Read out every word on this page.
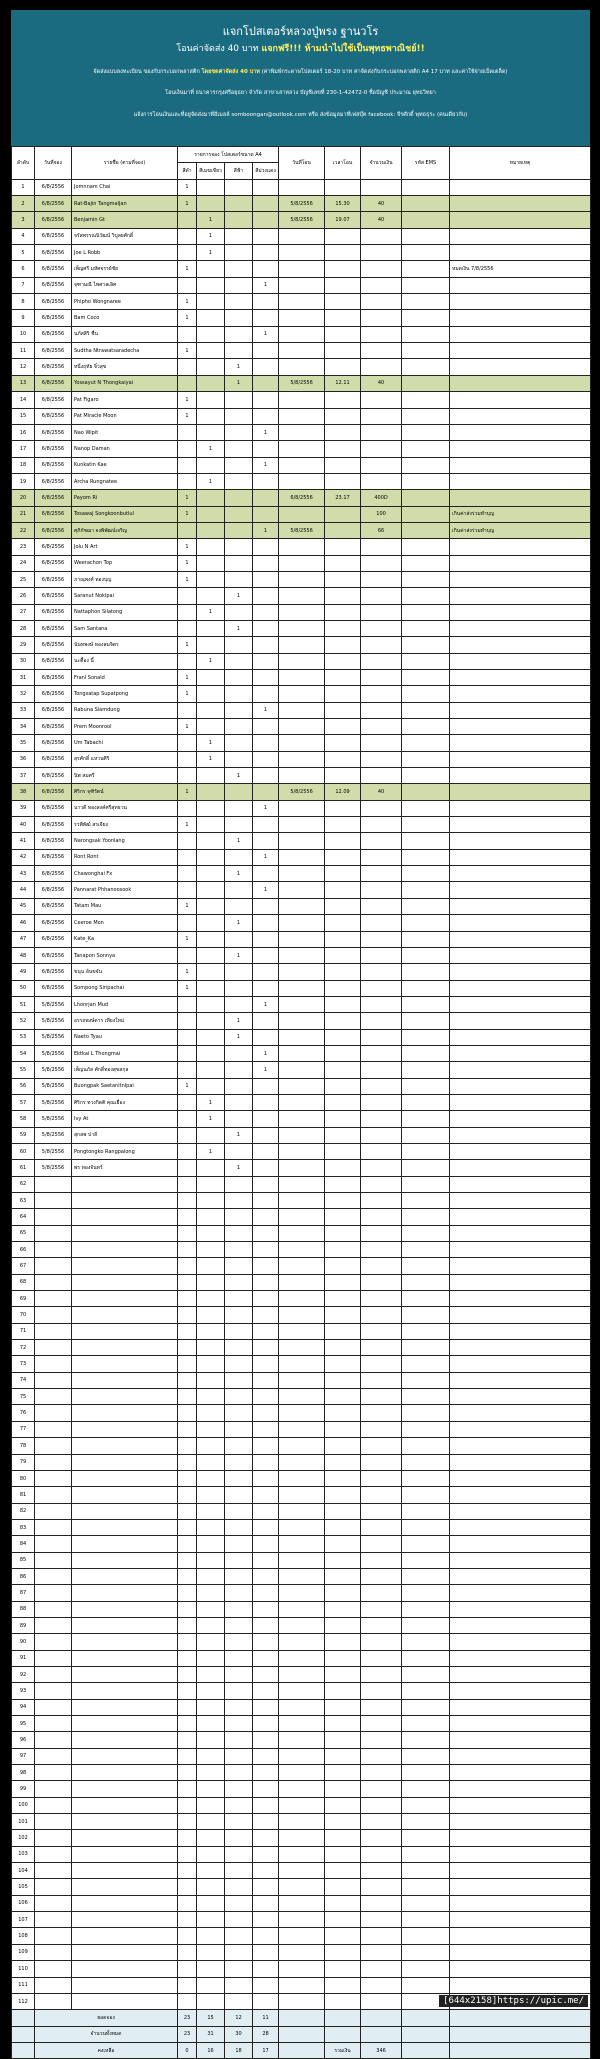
แจกโปสเตอร์หลวงปู่พรง ฐานวโร
โอนค่าจัดส่ง 40 บาท แจกฟรี!!! ห้ามนำไปใช้เป็นพุทธพาณิชย์!!
จัดส่งแบบลงทะเบียน ของกับกระบอกพลาสติก โดยชดค่าจัดส่ง 40 บาท (ค่าพิมพ์กระดาษโปสเตอร์ 18-20 บาท ค่าจัดส่งกับกระบอกพลาสติก A4 17 บาท และค่าใช้จ่ายเบ็ดเตล็ด)
โอนเงินมาที่ ธนาคารกรุงศรีอยุธยา จำกัด สาขาเสาหลวง บัญชีเลขที่ 230-1-42472-0 ชื่อบัญชี ประมาณ ยุทธวิทยา
แจ้งการโอนเงินและที่อยู่จัดส่งมาที่อีเมลล์ somboongan@outlook.com หรือ ส่งข้อมูลมาที่เฟสบุ๊ค facebook: จีรศักดิ์ พุทธธุระ (คนเดียวกับ)
ลำดับ	วันที่จอง	รายชื่อ (ตามที่จอง)	รายการจอง โปสเตอร์ขนาด A4				วันที่โอน	เวลาโอน	จำนวนเงิน	รหัส EMS	หมายเหตุ
			สีดำ	สีเมฆเขียว	สีฟ้า	สีม่วงแดง					
1	6/8/2556	Jomnnam Chai	1								
2	6/8/2556	Rat-Bajin Tangmaljan	1				5/8/2556	15.30	40		
3	6/8/2556	Benjamin Gt		1			5/8/2556	19.07	40		
4	6/8/2556	จรัสพรรณนิวัฒน์ วิบูลยศักดิ์		1							
5	6/8/2556	Joe L Robb		1							
6	6/8/2556	เพ็ญศรี มหัศจรรย์ชัย	1								หมดเงิน 7/8/2556
7	6/8/2556	จุฑามณี ไพศาลเลิศ				1					
8	6/8/2556	Phipho Wongnaree	1								
9	6/8/2556	Bam Coco	1								
10	6/8/2556	นภัสสิริ ชื่น				1					
11	6/8/2556	Sudtha Ntrawatsaradecha	1								
12	6/8/2556	หนึ่งฤทัย จิ๋วสุข			1						
13	6/8/2556	Yossayut N Thongkaiyai			1		5/8/2556	12.11	40		
14	6/8/2556	Pat Figaro	1								
15	6/8/2556	Pat Miracle Moon	1								
16	6/8/2556	Nao Wipit				1					
17	6/8/2556	Nanop Daman		1							
18	6/8/2556	Kunkatin Kae				1					
19	6/8/2556	Archa Rungnatee		1							
20	6/8/2556	Payom Ri	1				6/8/2556	23.17	400D		
21	6/8/2556	Tosawaj Songkoonbutlul	1						100		เกินค่าส่งร่วมทำบุญ
22	6/8/2556	ศุภิกัชฌา จงพิพัฒน์เจริญ				1	5/8/2556		66		เกินค่าส่งร่วมทำบุญ
23	6/8/2556	Jolu N Art	1								
24	6/8/2556	Weerachon Top	1								
25	6/8/2556	ภาณุพงศ์ ทองบุญ	1								
26	6/8/2556	Saranut Noklpai			1						
27	6/8/2556	Nattaphon Silatong		1							
28	6/8/2556	Sam Santana			1						
29	6/8/2556	นันทพงษ์ ทองสมจิตร	1								
30	6/8/2556	นะตื้อง นี้		1							
31	6/8/2556	Franl Sonald	1								
32	6/8/2556	Tongsatap Supatpong	1								
33	6/8/2556	Rabuna Slamdung				1					
34	6/8/2556	Prem Moonrool	1								
35	6/8/2556	Um Tabachi		1							
36	6/8/2556	สุรศักดิ์ แหวนศิริ		1							
37	6/8/2556	นิพ สมศรี			1						
38	6/8/2556	ศิริกร จุฑิรัตน์	1				5/8/2556	12.09	40		
39	6/8/2556	นาวดี ทองสงค์ศรีสุทธวน				1					
40	6/8/2556	รวพีพัฒ์ สรเจียง	1								
41	6/8/2556	Narongsak Yoonlang			1						
42	6/8/2556	Ront Ront				1					
43	6/8/2556	Chawonghai Fx			1						
44	6/8/2556	Pannarat Phhanoosook				1					
45	6/8/2556	Tatam Mau	1								
46	6/8/2556	Ceeroe Mon			1						
47	6/8/2556	Kate_Ka	1								
48	6/8/2556	Tanapon Sonnya			1						
49	6/8/2556	ขนุน อ้นขจัน	1								
50	6/8/2556	Sompong Siripachai	1								
51	5/8/2556	Lhonrjan Mud				1					
52	5/8/2556	อรรถพงษ์ดาร เที่ยงใหม่			1						
53	5/8/2556	Naeto Tyau			1						
54	5/8/2556	Ektkai L Thongmai				1					
55	5/8/2556	เพ็ญนภัส ศักดิ์ทองสุขสกุล				1					
56	5/8/2556	Buongpak Saetanitnlpai	1								
57	5/8/2556	ศิริกร ทวงกิตติ คุณเยื่อง		1							
58	5/8/2556	Ivy At		1							
59	5/8/2556	สุกลพ ปาลี			1						
60	5/8/2556	Pongtongko Rangpalong		1							
61	5/8/2556	พร ทองจันทร์			1						
62											
63											
64											
65											
66											
67											
68											
69											
70											
71											
72											
73											
74											
75											
76											
77											
78											
79											
80											
81											
82											
83											
84											
85											
86											
87											
88											
89											
90											
91											
92											
93											
94											
95											
96											
97											
98											
99											
100											
101											
102											
103											
104											
105											
106											
107											
108											
109											
110											
111											
112											
	ยอดจอง		23	15	12	11					
	จำนวนทั้งหมด		23	31	30	28					
	คงเหลือ		0	16	18	17		รวมเงิน	346		
[644x2158]https://upic.me/
